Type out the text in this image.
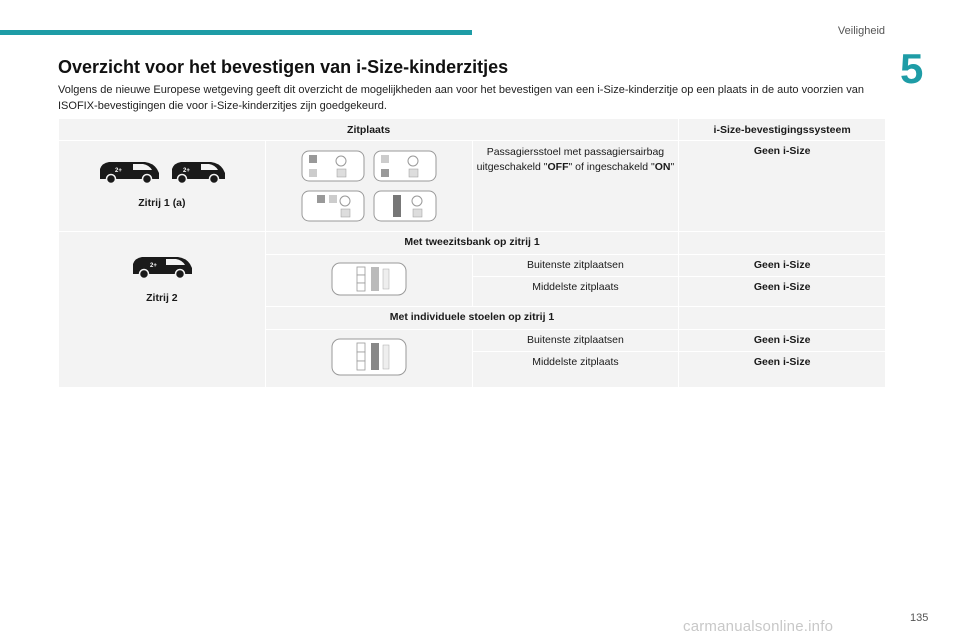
Veiligheid
5
Overzicht voor het bevestigen van i-Size-kinderzitjes

Volgens de nieuwe Europese wetgeving geeft dit overzicht de mogelijkheden aan voor het bevestigen van een i-Size-kinderzitje op een plaats in de auto voorzien van ISOFIX-bevestigingen die voor i-Size-kinderzitjes zijn goedgekeurd.

Zitplaats			i-Size-bevestigingssysteem

2+ 2+
Zitrij 1 (a)		Passagiersstoel met passagiersairbag uitgeschakeld "OFF" of ingeschakeld "ON"	Geen i-Size

2+
Zitrij 2	Met tweezitsbank op zitrij 1		

	Buitenste zitplaatsen	Geen i-Size
		Middelste zitplaats	Geen i-Size
	Met individuele stoelen op zitrij 1		

	Buitenste zitplaatsen	Geen i-Size
		Middelste zitplaats	Geen i-Size
135
carmanualsonline.info
